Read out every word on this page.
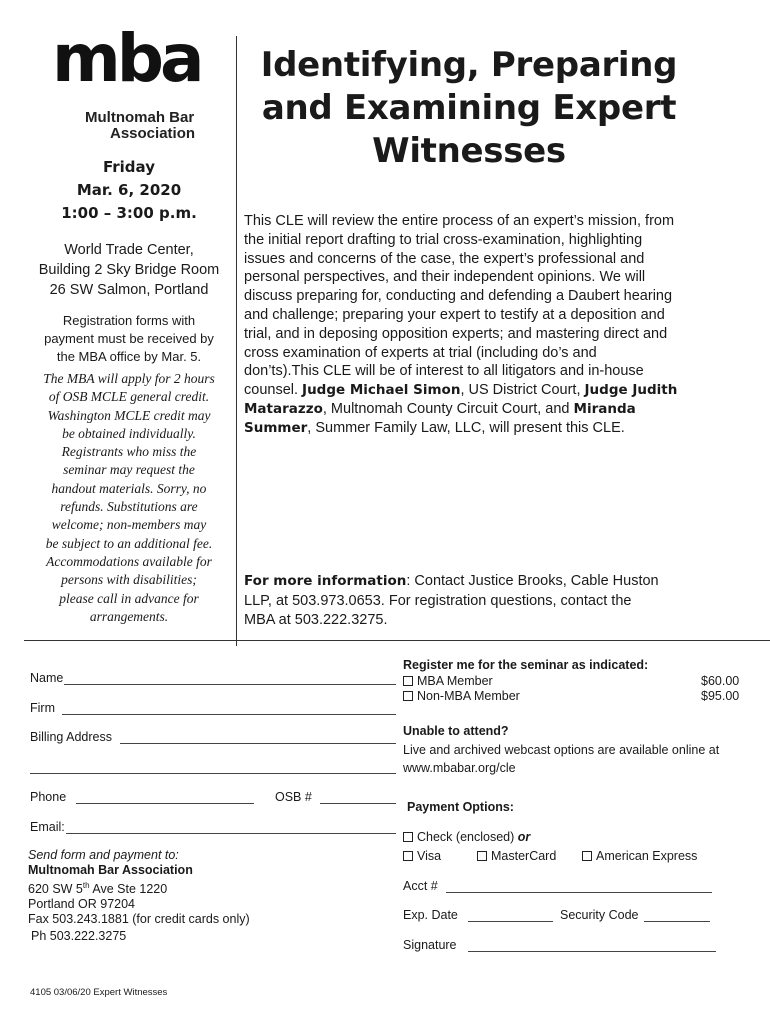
mba
Multnomah Bar
Association
Friday
Mar. 6, 2020
1:00 – 3:00 p.m.
World Trade Center,
Building 2 Sky Bridge Room
26 SW Salmon, Portland
Registration forms with
payment must be received by
the MBA office by Mar. 5.
The MBA will apply for 2 hours
of OSB MCLE general credit.
Washington MCLE credit may
be obtained individually.
Registrants who miss the
seminar may request the
handout materials. Sorry, no
refunds. Substitutions are
welcome; non-members may
be subject to an additional fee.
Accommodations available for
persons with disabilities;
please call in advance for
arrangements.
Identifying, Preparing
and Examining Expert
Witnesses
This CLE will review the entire process of an expert’s mission, from
the initial report drafting to trial cross-examination, highlighting
issues and concerns of the case, the expert’s professional and
personal perspectives, and their independent opinions. We will
discuss preparing for, conducting and defending a Daubert hearing
and challenge; preparing your expert to testify at a deposition and
trial, and in deposing opposition experts; and mastering direct and
cross examination of experts at trial (including do’s and
don’ts).This CLE will be of interest to all litigators and in-house
counsel. Judge Michael Simon, US District Court, Judge Judith
Matarazzo, Multnomah County Circuit Court, and Miranda
Summer, Summer Family Law, LLC, will present this CLE.
For more information: Contact Justice Brooks, Cable Huston
LLP, at 503.973.0653. For registration questions, contact the
MBA at 503.222.3275.
Name
Firm
Billing Address
Phone	OSB #
Email:
Send form and payment to:
Multnomah Bar Association
620 SW 5th Ave Ste 1220
Portland OR 97204
Fax 503.243.1881 (for credit cards only)
Ph 503.222.3275
Register me for the seminar as indicated:
MBA Member	$60.00
Non-MBA Member	$95.00
Unable to attend?
Live and archived webcast options are available online at
www.mbabar.org/cle
Payment Options:
Check (enclosed) or
Visa	MasterCard	American Express
Acct #
Exp. Date	Security Code
Signature
4105 03/06/20 Expert Witnesses
